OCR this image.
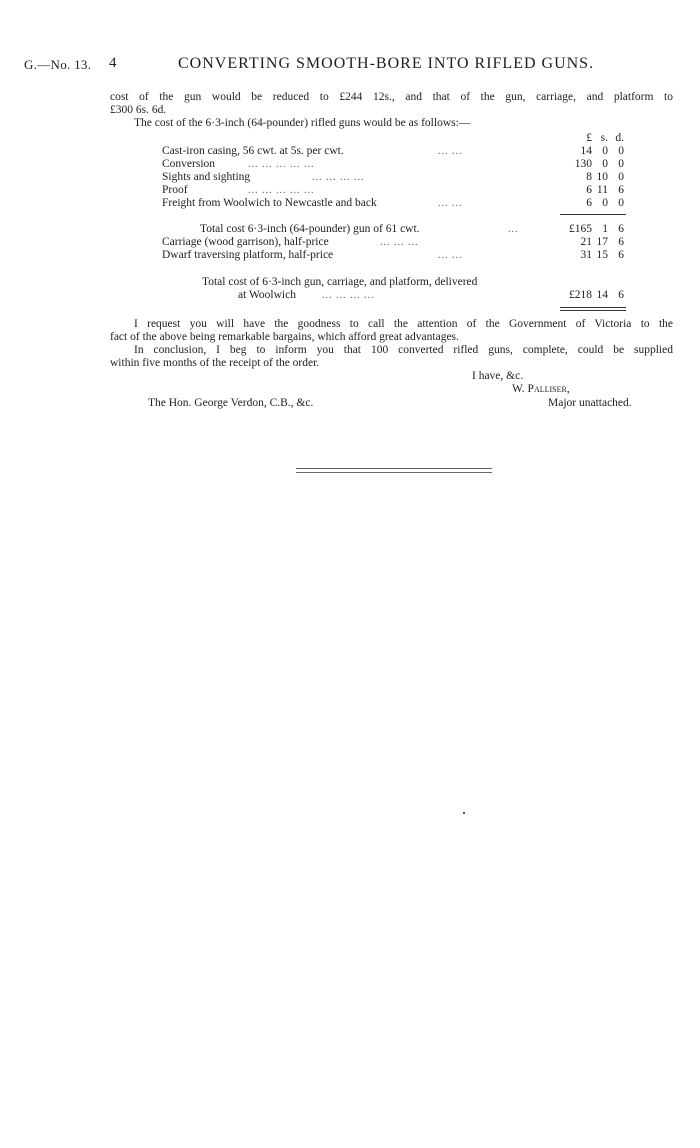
G.—No. 13. 4	CONVERTING SMOOTH-BORE INTO RIFLED GUNS.
cost of the gun would be reduced to £244 12s., and that of the gun, carriage, and platform to
£300 6s. 6d.
The cost of the 6·3-inch (64-pounder) rifled guns would be as follows:—
£ s. d.
Cast-iron casing, 56 cwt. at 5s. per cwt.	... ...	14 0 0
Conversion	... ... ... ... ...	130 0 0
Sights and sighting	... ... ... ...	8 10 0
Proof	... ... ... ... ...	6 11 6
Freight from Woolwich to Newcastle and back	... ...	6 0 0
Total cost 6·3-inch (64-pounder) gun of 61 cwt.	...	£165 1 6
Carriage (wood garrison), half-price	... ... ...	21 17 6
Dwarf traversing platform, half-price	... ...	31 15 6
Total cost of 6·3-inch gun, carriage, and platform, delivered
at Woolwich	... ... ... ...	£218 14 6
I request you will have the goodness to call the attention of the Government of Victoria to the
fact of the above being remarkable bargains, which afford great advantages.
In conclusion, I beg to inform you that 100 converted rifled guns, complete, could be supplied
within five months of the receipt of the order.
I have, &c.
W. Palliser,
The Hon. George Verdon, C.B., &c.	Major unattached.
